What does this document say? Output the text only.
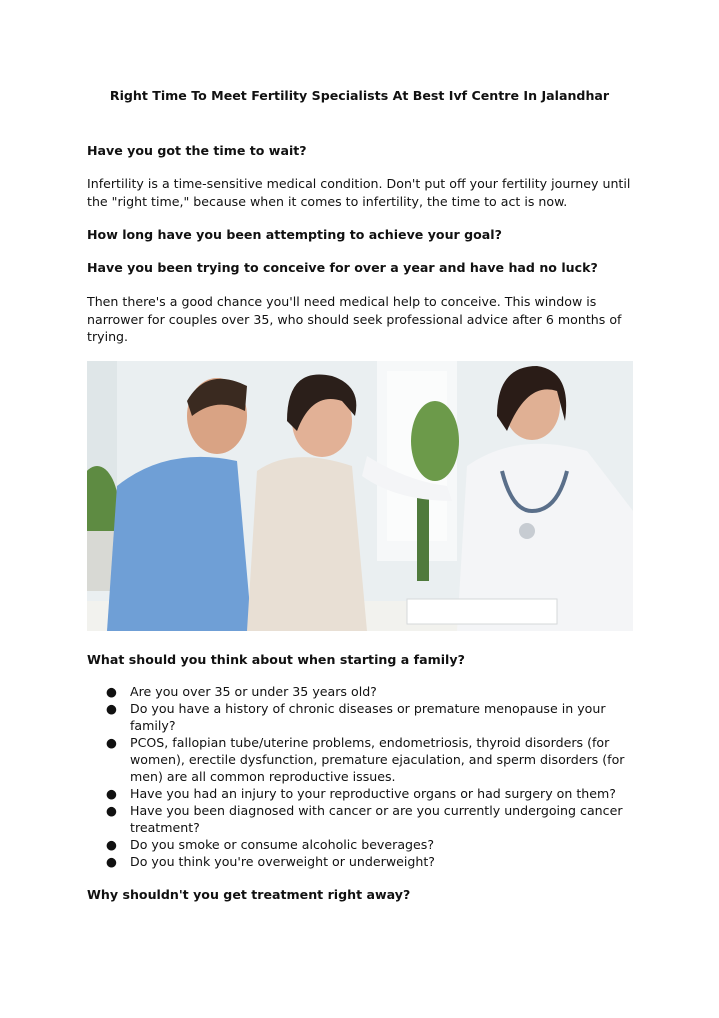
Right Time To Meet Fertility Specialists At Best Ivf Centre In Jalandhar
Have you got the time to wait?
Infertility is a time-sensitive medical condition. Don't put off your fertility journey until the "right time," because when it comes to infertility, the time to act is now.
How long have you been attempting to achieve your goal?
Have you been trying to conceive for over a year and have had no luck?
Then there's a good chance you'll need medical help to conceive. This window is narrower for couples over 35, who should seek professional advice after 6 months of trying.
What should you think about when starting a family?
● Are you over 35 or under 35 years old?
● Do you have a history of chronic diseases or premature menopause in your family?
● PCOS, fallopian tube/uterine problems, endometriosis, thyroid disorders (for women), erectile dysfunction, premature ejaculation, and sperm disorders (for men) are all common reproductive issues.
● Have you had an injury to your reproductive organs or had surgery on them?
● Have you been diagnosed with cancer or are you currently undergoing cancer treatment?
● Do you smoke or consume alcoholic beverages?
● Do you think you're overweight or underweight?
Why shouldn't you get treatment right away?
